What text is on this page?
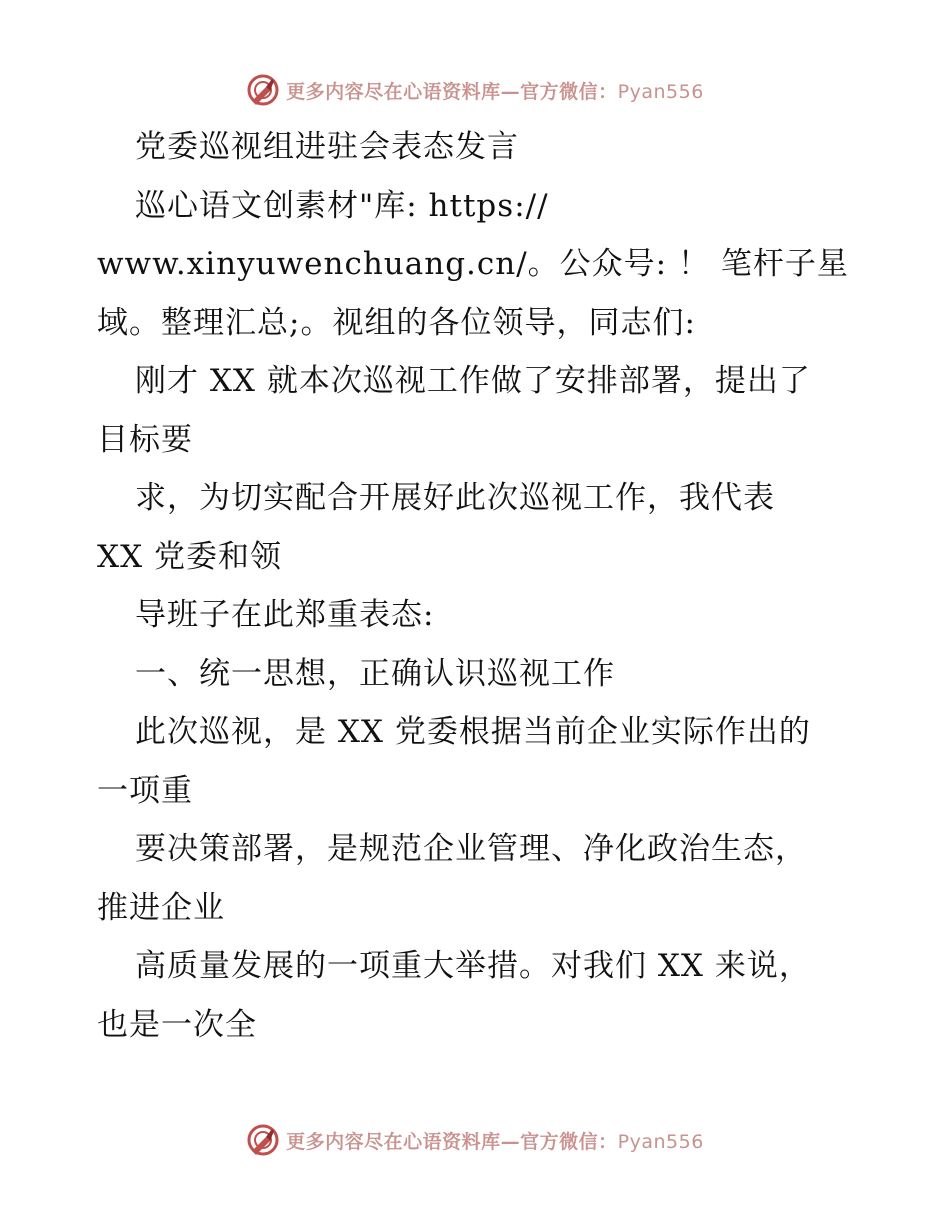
更多内容尽在心语资料库—官方微信：Pyan556
党委巡视组进驻会表态发言
巡心语文创素材"库: https://
www.xinyuwenchuang.cn/。公众号: ！ 笔杆子星
域。整理汇总;。视组的各位领导，同志们:
刚才 XX 就本次巡视工作做了安排部署，提出了
目标要
求，为切实配合开展好此次巡视工作，我代表
XX 党委和领
导班子在此郑重表态:
一、统一思想，正确认识巡视工作
此次巡视，是 XX 党委根据当前企业实际作出的
一项重
要决策部署，是规范企业管理、净化政治生态，
推进企业
高质量发展的一项重大举措。对我们 XX 来说，
也是一次全
更多内容尽在心语资料库—官方微信：Pyan556
